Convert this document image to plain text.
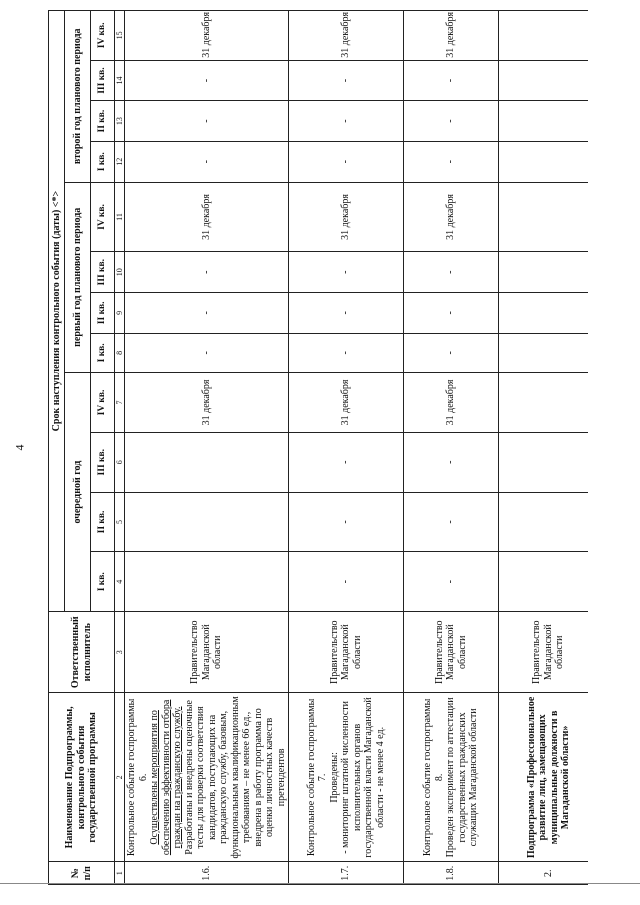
4
№ п/п	Наименование Подпрограммы, контрольного события государственной программы	Ответственный исполнитель	Срок наступления контрольного события (даты) <*>											
			очередной год				первый год планового периода				второй год планового периода			
			I кв.	II кв.	III кв.	IV кв.	I кв.	II кв.	III кв.	IV кв.	I кв.	II кв.	III кв.	IV кв.
1	2	3	4	5	6	7	8	9	10	11	12	13	14	15
1.6.	Контрольное событие госпрограммы 6. Осуществлены мероприятия по обеспечению эффективности отбора граждан на гражданскую службу. Разработаны и внедрены оценочные тесты для проверки соответствия кандидатов, поступающих на гражданскую службу, базовым, функциональным квалификационным требованиям – не менее 66 ед., внедрена в работу программа по оценки личностных качеств претендентов	Правительство Магаданской области				31 декабря	-	-	-	31 декабря	-	-	-	31 декабря
1.7.	Контрольное событие госпрограммы 7. Проведены: - мониторинг штатной численности исполнительных органов государственной власти Магаданской области - не менее 4 ед.	Правительство Магаданской области	-	-	-	31 декабря	-	-	-	31 декабря	-	-	-	31 декабря
1.8.	Контрольное событие госпрограммы 8. Проведен эксперимент по аттестации государственных гражданских служащих Магаданской области	Правительство Магаданской области	-	-	-	31 декабря	-	-	-	31 декабря	-	-	-	31 декабря
2.	Подпрограмма «Профессиональное развитие лиц, замещающих муниципальные должности в Магаданской области»	Правительство Магаданской области												
